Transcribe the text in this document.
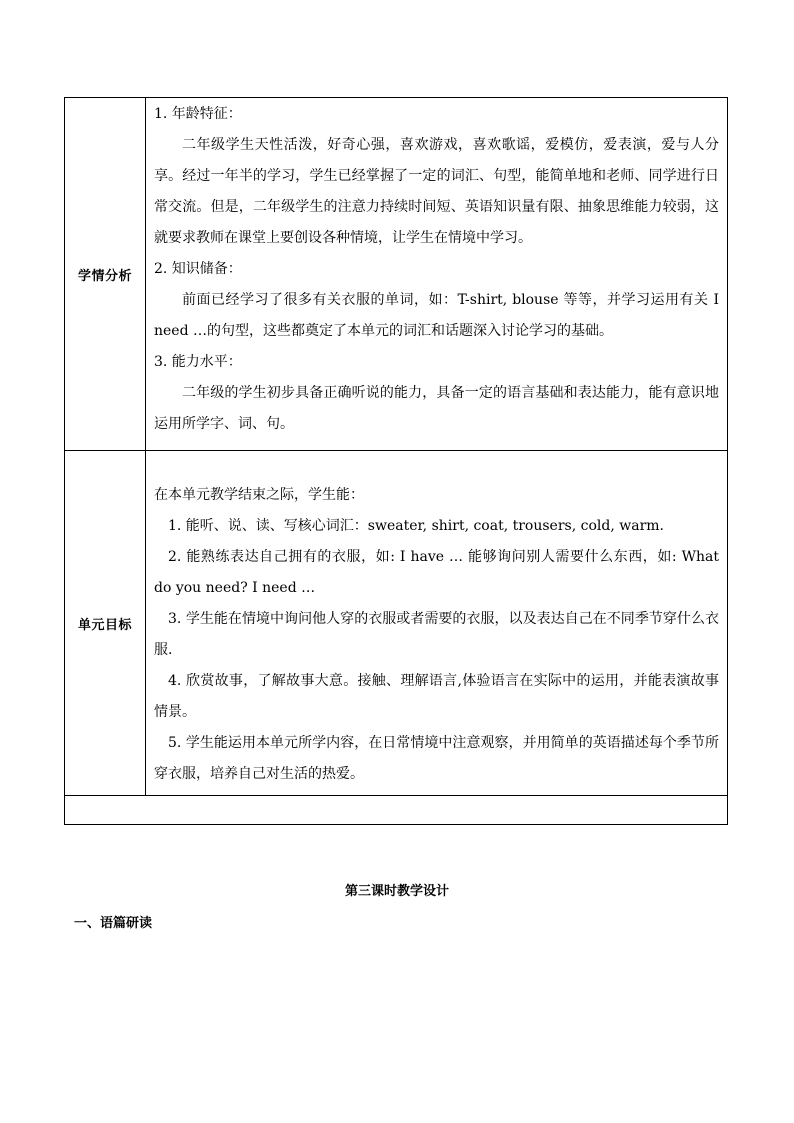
学情分析

1. 年龄特征：

二年级学生天性活泼，好奇心强，喜欢游戏，喜欢歌谣，爱模仿，爱表演，爱与人分享。经过一年半的学习，学生已经掌握了一定的词汇、句型，能简单地和老师、同学进行日常交流。但是，二年级学生的注意力持续时间短、英语知识量有限、抽象思维能力较弱，这就要求教师在课堂上要创设各种情境，让学生在情境中学习。

2. 知识储备：

前面已经学习了很多有关衣服的单词，如：T-shirt, blouse 等等，并学习运用有关 I need …的句型，这些都奠定了本单元的词汇和话题深入讨论学习的基础。

3. 能力水平：

二年级的学生初步具备正确听说的能力，具备一定的语言基础和表达能力，能有意识地运用所学字、词、句。

单元目标

在本单元教学结束之际，学生能：

1. 能听、说、读、写核心词汇：sweater, shirt, coat, trousers, cold, warm.

2. 能熟练表达自己拥有的衣服，如: I have … 能够询问别人需要什么东西，如: What do you need? I need …

3. 学生能在情境中询问他人穿的衣服或者需要的衣服，以及表达自己在不同季节穿什么衣服.

4. 欣赏故事，了解故事大意。接触、理解语言,体验语言在实际中的运用，并能表演故事情景。

5. 学生能运用本单元所学内容，在日常情境中注意观察，并用简单的英语描述每个季节所穿衣服，培养自己对生活的热爱。

第三课时教学设计
一、语篇研读
